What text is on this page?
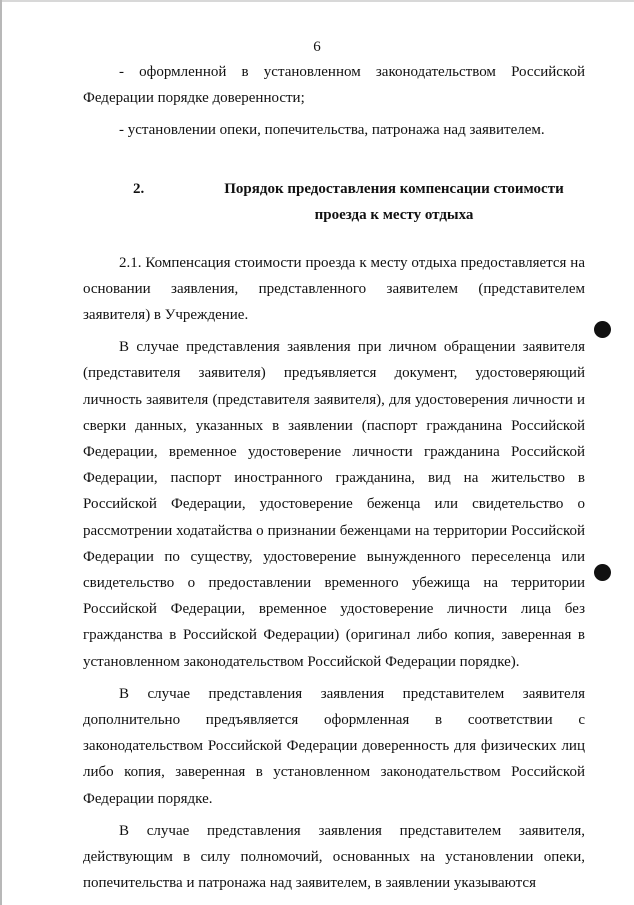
6

- оформленной в установленном законодательством Российской Федерации порядке доверенности;

- установлении опеки, попечительства, патронажа над заявителем.

2.	Порядок предоставления компенсации стоимости проезда к месту отдыха

2.1. Компенсация стоимости проезда к месту отдыха предоставляется на основании заявления, представленного заявителем (представителем заявителя) в Учреждение.

В случае представления заявления при личном обращении заявителя (представителя заявителя) предъявляется документ, удостоверяющий личность заявителя (представителя заявителя), для удостоверения личности и сверки данных, указанных в заявлении (паспорт гражданина Российской Федерации, временное удостоверение личности гражданина Российской Федерации, паспорт иностранного гражданина, вид на жительство в Российской Федерации, удостоверение беженца или свидетельство о рассмотрении ходатайства о признании беженцами на территории Российской Федерации по существу, удостоверение вынужденного переселенца или свидетельство о предоставлении временного убежища на территории Российской Федерации, временное удостоверение личности лица без гражданства в Российской Федерации) (оригинал либо копия, заверенная в установленном законодательством Российской Федерации порядке).

В случае представления заявления представителем заявителя дополнительно предъявляется оформленная в соответствии с законодательством Российской Федерации доверенность для физических лиц либо копия, заверенная в установленном законодательством Российской Федерации порядке.

В случае представления заявления представителем заявителя, действующим в силу полномочий, основанных на установлении опеки, попечительства и патронажа над заявителем, в заявлении указываются
